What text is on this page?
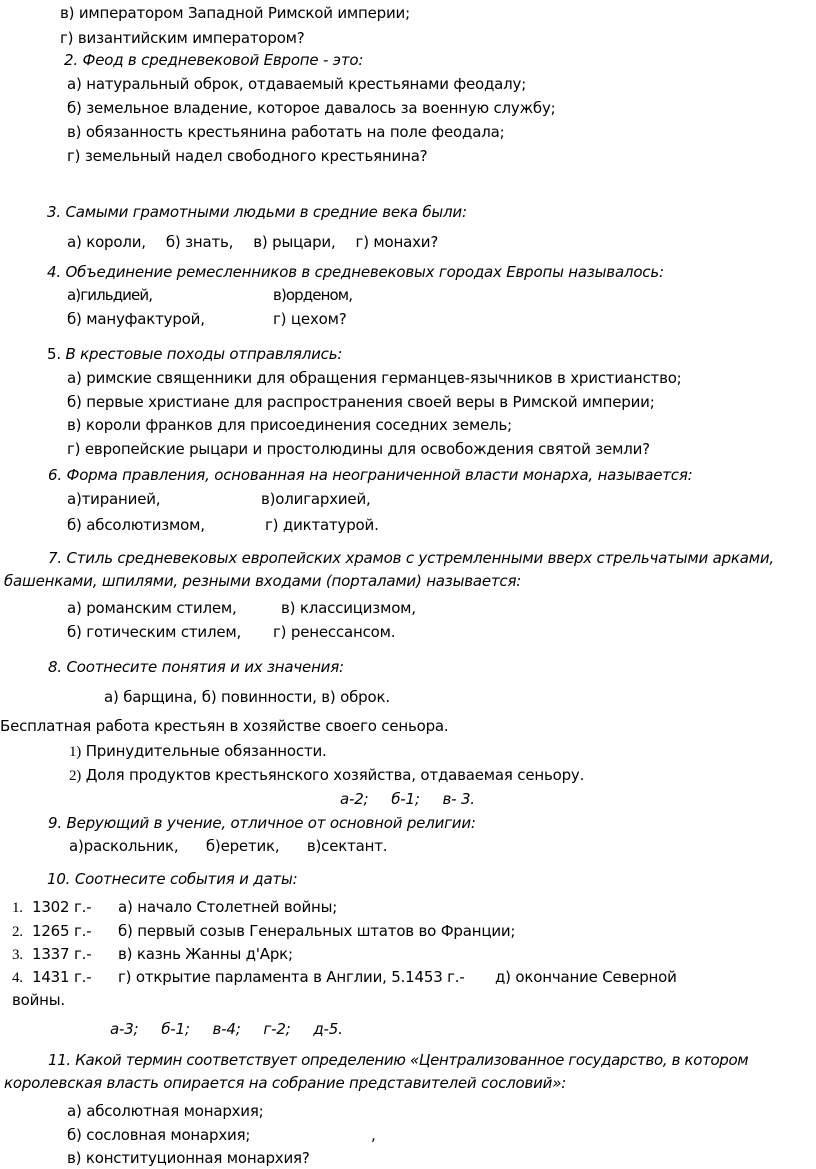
в) императором Западной Римской империи;
г) византийским императором?
2. Феод в средневековой Европе - это:
а) натуральный оброк, отдаваемый крестьянами феодалу;
б) земельное владение, которое давалось за военную службу;
в) обязанность крестьянина работать на поле феодала;
г) земельный надел свободного крестьянина?
3. Самыми грамотными людьми в средние века были:
а) короли, б) знать, в) рыцари, г) монахи?
4. Объединение ремесленников в средневековых городах Европы называлось:
а)гильдией,	в)орденом,
б) мануфактурой,	г) цехом?
5. В крестовые походы отправлялись:
а) римские священники для обращения германцев-язычников в христианство;
б) первые христиане для распространения своей веры в Римской империи;
в) короли франков для присоединения соседних земель;
г) европейские рыцари и простолюдины для освобождения святой земли?
6. Форма правления, основанная на неограниченной власти монарха, называется:
а)тиранией,	в)олигархией,
б) абсолютизмом,	г) диктатурой.
7. Стиль средневековых европейских храмов с устремленными вверх стрельчатыми арками,
башенками, шпилями, резными входами (порталами) называется:
а) романским стилем,	в) классицизмом,
б) готическим стилем, г) ренессансом.
8. Соотнесите понятия и их значения:
а) барщина, б) повинности, в) оброк.
Бесплатная работа крестьян в хозяйстве своего сеньора.
1) Принудительные обязанности.
2) Доля продуктов крестьянского хозяйства, отдаваемая сеньору.
а-2;     б-1;     в- 3.
9. Верующий в учение, отличное от основной религии:
а)раскольник,      б)еретик,      в)сектант.
10. Соотнесите события и даты:
1. 1302 г.- а) начало Столетней войны;
2. 1265 г.- б) первый созыв Генеральных штатов во Франции;
3. 1337 г.- в) казнь Жанны д'Арк;
4. 1431 г.- г) открытие парламента в Англии, 5.1453 г.- д) окончание Северной
войны.
а-3;     б-1;     в-4;     г-2;     д-5.
11. Какой термин соответствует определению «Централизованное государство, в котором
королевская власть опирается на собрание представителей сословий»:
а) абсолютная монархия;
б) сословная монархия;	,
в) конституционная монархия?
